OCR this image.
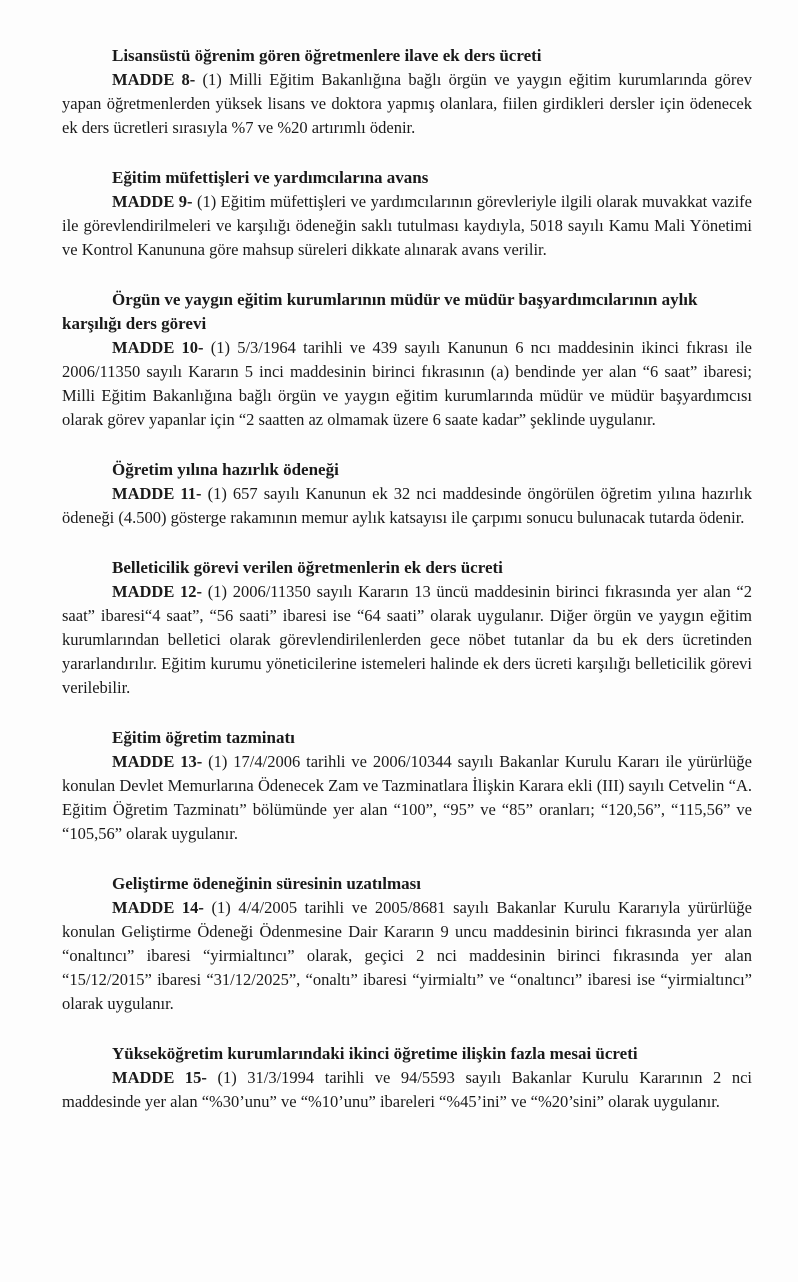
Lisansüstü öğrenim gören öğretmenlere ilave ek ders ücreti

MADDE 8- (1) Milli Eğitim Bakanlığına bağlı örgün ve yaygın eğitim kurumlarında görev yapan öğretmenlerden yüksek lisans ve doktora yapmış olanlara, fiilen girdikleri dersler için ödenecek ek ders ücretleri sırasıyla %7 ve %20 artırımlı ödenir.

Eğitim müfettişleri ve yardımcılarına avans

MADDE 9- (1) Eğitim müfettişleri ve yardımcılarının görevleriyle ilgili olarak muvakkat vazife ile görevlendirilmeleri ve karşılığı ödeneğin saklı tutulması kaydıyla, 5018 sayılı Kamu Mali Yönetimi ve Kontrol Kanununa göre mahsup süreleri dikkate alınarak avans verilir.

Örgün ve yaygın eğitim kurumlarının müdür ve müdür başyardımcılarının aylık karşılığı ders görevi

MADDE 10- (1) 5/3/1964 tarihli ve 439 sayılı Kanunun 6 ncı maddesinin ikinci fıkrası ile 2006/11350 sayılı Kararın 5 inci maddesinin birinci fıkrasının (a) bendinde yer alan “6 saat” ibaresi; Milli Eğitim Bakanlığına bağlı örgün ve yaygın eğitim kurumlarında müdür ve müdür başyardımcısı olarak görev yapanlar için “2 saatten az olmamak üzere 6 saate kadar” şeklinde uygulanır.

Öğretim yılına hazırlık ödeneği

MADDE 11- (1) 657 sayılı Kanunun ek 32 nci maddesinde öngörülen öğretim yılına hazırlık ödeneği (4.500) gösterge rakamının memur aylık katsayısı ile çarpımı sonucu bulunacak tutarda ödenir.

Belleticilik görevi verilen öğretmenlerin ek ders ücreti

MADDE 12- (1) 2006/11350 sayılı Kararın 13 üncü maddesinin birinci fıkrasında yer alan “2 saat” ibaresi“4 saat”, “56 saati” ibaresi ise “64 saati” olarak uygulanır. Diğer örgün ve yaygın eğitim kurumlarından belletici olarak görevlendirilenlerden gece nöbet tutanlar da bu ek ders ücretinden yararlandırılır. Eğitim kurumu yöneticilerine istemeleri halinde ek ders ücreti karşılığı belleticilik görevi verilebilir.

Eğitim öğretim tazminatı

MADDE 13- (1) 17/4/2006 tarihli ve 2006/10344 sayılı Bakanlar Kurulu Kararı ile yürürlüğe konulan Devlet Memurlarına Ödenecek Zam ve Tazminatlara İlişkin Karara ekli (III) sayılı Cetvelin “A. Eğitim Öğretim Tazminatı” bölümünde yer alan “100”, “95” ve “85” oranları; “120,56”, “115,56” ve “105,56” olarak uygulanır.

Geliştirme ödeneğinin süresinin uzatılması

MADDE 14- (1) 4/4/2005 tarihli ve 2005/8681 sayılı Bakanlar Kurulu Kararıyla yürürlüğe konulan Geliştirme Ödeneği Ödenmesine Dair Kararın 9 uncu maddesinin birinci fıkrasında yer alan “onaltıncı” ibaresi “yirmialtıncı” olarak, geçici 2 nci maddesinin birinci fıkrasında yer alan “15/12/2015” ibaresi “31/12/2025”, “onaltı” ibaresi “yirmialtı” ve “onaltıncı” ibaresi ise “yirmialtıncı” olarak uygulanır.

Yükseköğretim kurumlarındaki ikinci öğretime ilişkin fazla mesai ücreti

MADDE 15- (1) 31/3/1994 tarihli ve 94/5593 sayılı Bakanlar Kurulu Kararının 2 nci maddesinde yer alan “%30’unu” ve “%10’unu” ibareleri “%45’ini” ve “%20’sini” olarak uygulanır.
